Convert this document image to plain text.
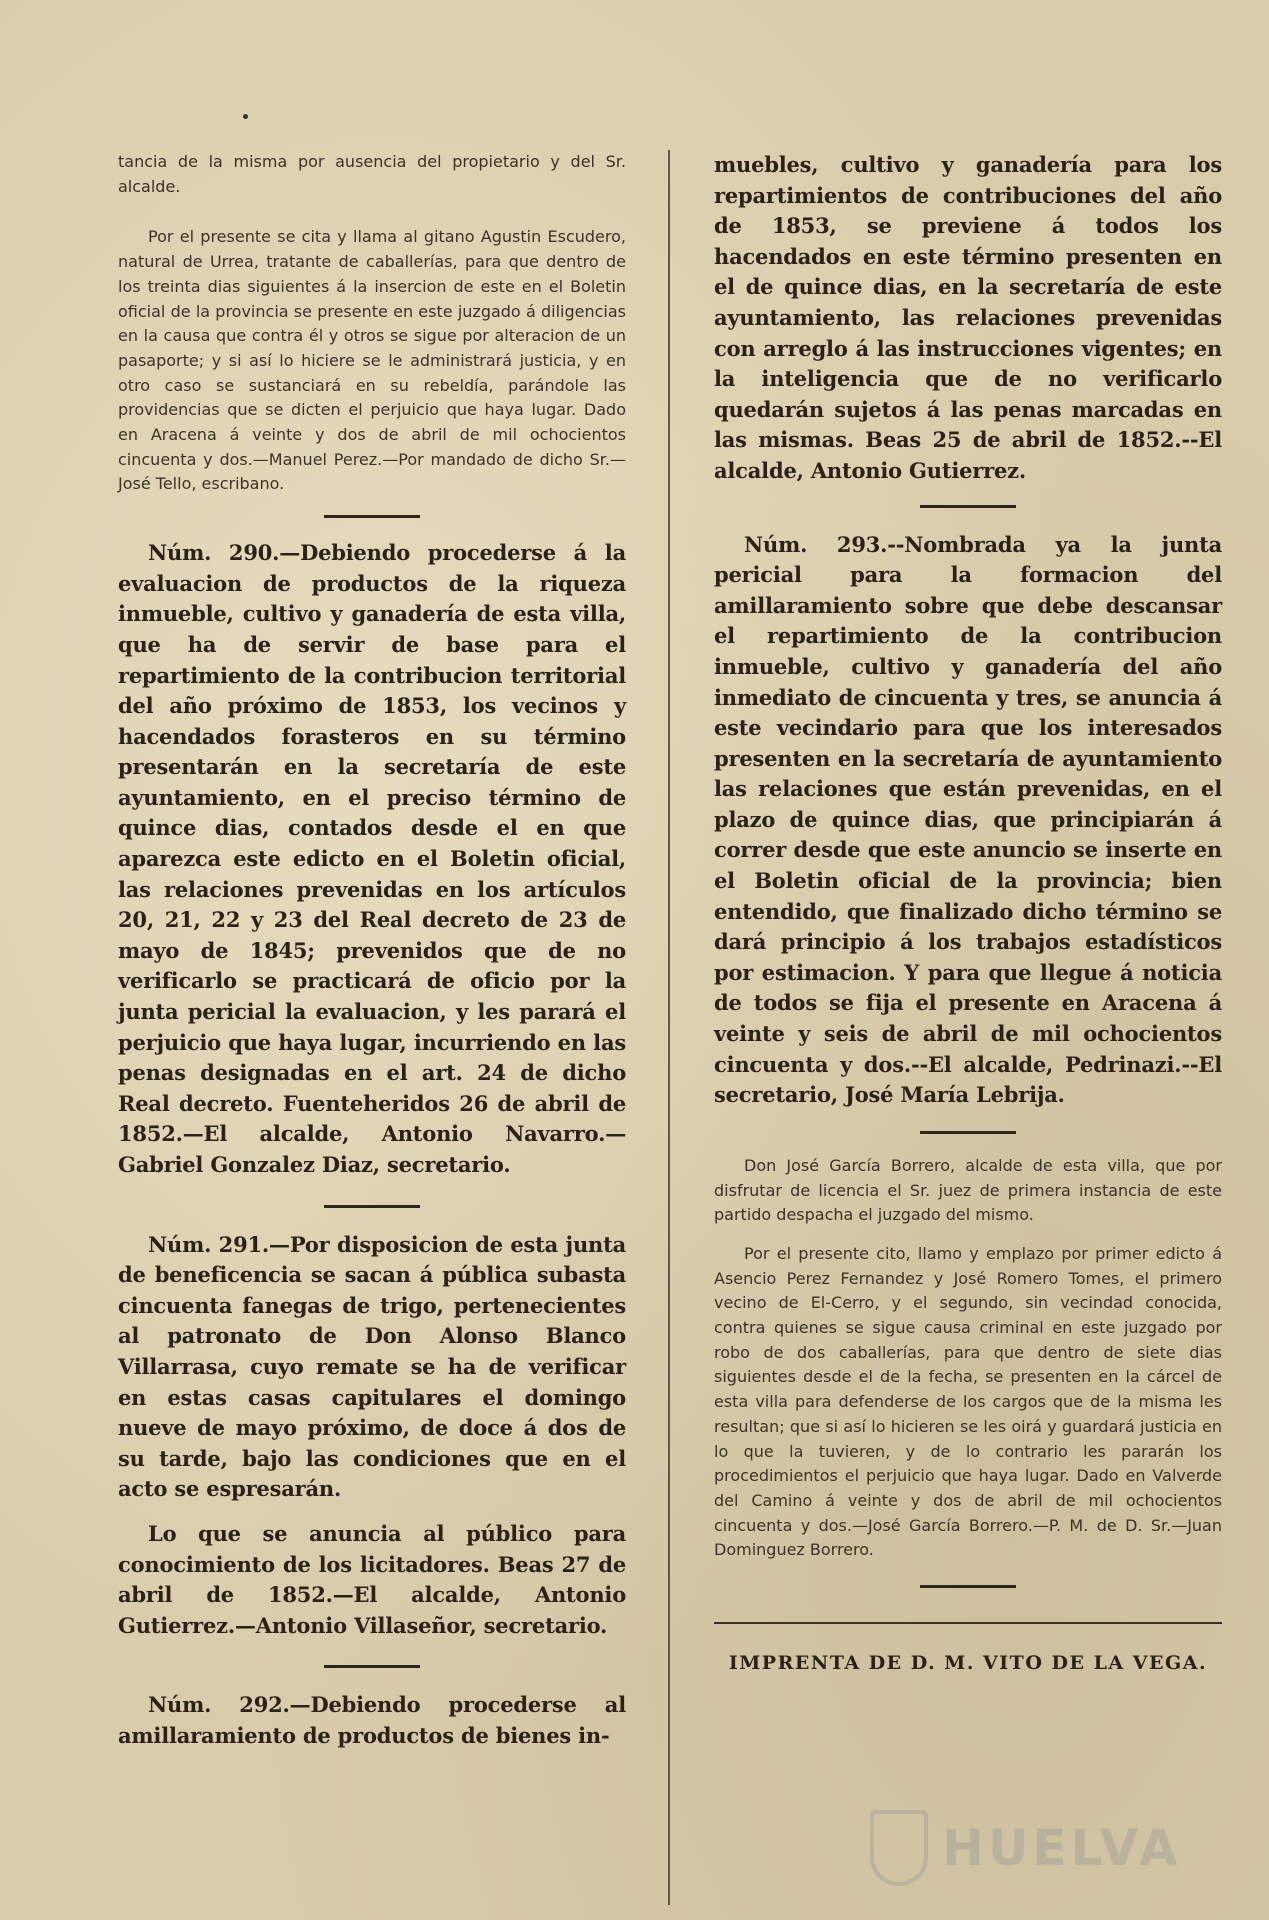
tancia de la misma por ausencia del propietario y del Sr. alcalde.

Por el presente se cita y llama al gitano Agustin Escudero, natural de Urrea, tratante de caballerías, para que dentro de los treinta dias siguientes á la insercion de este en el Boletin oficial de la provincia se presente en este juzgado á diligencias en la causa que contra él y otros se sigue por alteracion de un pasaporte; y si así lo hiciere se le administrará justicia, y en otro caso se sustanciará en su rebeldía, parándole las providencias que se dicten el perjuicio que haya lugar. Dado en Aracena á veinte y dos de abril de mil ochocientos cincuenta y dos.—Manuel Perez.—Por mandado de dicho Sr.—José Tello, escribano.

Núm. 290.—Debiendo procederse á la evaluacion de productos de la riqueza inmueble, cultivo y ganadería de esta villa, que ha de servir de base para el repartimiento de la contribucion territorial del año próximo de 1853, los vecinos y hacendados forasteros en su término presentarán en la secretaría de este ayuntamiento, en el preciso término de quince dias, contados desde el en que aparezca este edicto en el Boletin oficial, las relaciones prevenidas en los artículos 20, 21, 22 y 23 del Real decreto de 23 de mayo de 1845; prevenidos que de no verificarlo se practicará de oficio por la junta pericial la evaluacion, y les parará el perjuicio que haya lugar, incurriendo en las penas designadas en el art. 24 de dicho Real decreto. Fuenteheridos 26 de abril de 1852.—El alcalde, Antonio Navarro.—Gabriel Gonzalez Diaz, secretario.

Núm. 291.—Por disposicion de esta junta de beneficencia se sacan á pública subasta cincuenta fanegas de trigo, pertenecientes al patronato de Don Alonso Blanco Villarrasa, cuyo remate se ha de verificar en estas casas capitulares el domingo nueve de mayo próximo, de doce á dos de su tarde, bajo las condiciones que en el acto se espresarán.

Lo que se anuncia al público para conocimiento de los licitadores. Beas 27 de abril de 1852.—El alcalde, Antonio Gutierrez.—Antonio Villaseñor, secretario.

Núm. 292.—Debiendo procederse al amillaramiento de productos de bienes in-

muebles, cultivo y ganadería para los repartimientos de contribuciones del año de 1853, se previene á todos los hacendados en este término presenten en el de quince dias, en la secretaría de este ayuntamiento, las relaciones prevenidas con arreglo á las instrucciones vigentes; en la inteligencia que de no verificarlo quedarán sujetos á las penas marcadas en las mismas. Beas 25 de abril de 1852.--El alcalde, Antonio Gutierrez.

Núm. 293.--Nombrada ya la junta pericial para la formacion del amillaramiento sobre que debe descansar el repartimiento de la contribucion inmueble, cultivo y ganadería del año inmediato de cincuenta y tres, se anuncia á este vecindario para que los interesados presenten en la secretaría de ayuntamiento las relaciones que están prevenidas, en el plazo de quince dias, que principiarán á correr desde que este anuncio se inserte en el Boletin oficial de la provincia; bien entendido, que finalizado dicho término se dará principio á los trabajos estadísticos por estimacion. Y para que llegue á noticia de todos se fija el presente en Aracena á veinte y seis de abril de mil ochocientos cincuenta y dos.--El alcalde, Pedrinazi.--El secretario, José María Lebrija.

Don José García Borrero, alcalde de esta villa, que por disfrutar de licencia el Sr. juez de primera instancia de este partido despacha el juzgado del mismo.

Por el presente cito, llamo y emplazo por primer edicto á Asencio Perez Fernandez y José Romero Tomes, el primero vecino de El-Cerro, y el segundo, sin vecindad conocida, contra quienes se sigue causa criminal en este juzgado por robo de dos caballerías, para que dentro de siete dias siguientes desde el de la fecha, se presenten en la cárcel de esta villa para defenderse de los cargos que de la misma les resultan; que si así lo hicieren se les oirá y guardará justicia en lo que la tuvieren, y de lo contrario les pararán los procedimientos el perjuicio que haya lugar. Dado en Valverde del Camino á veinte y dos de abril de mil ochocientos cincuenta y dos.—José García Borrero.—P. M. de D. Sr.—Juan Dominguez Borrero.

IMPRENTA DE D. M. VITO DE LA VEGA.
HUELVA
